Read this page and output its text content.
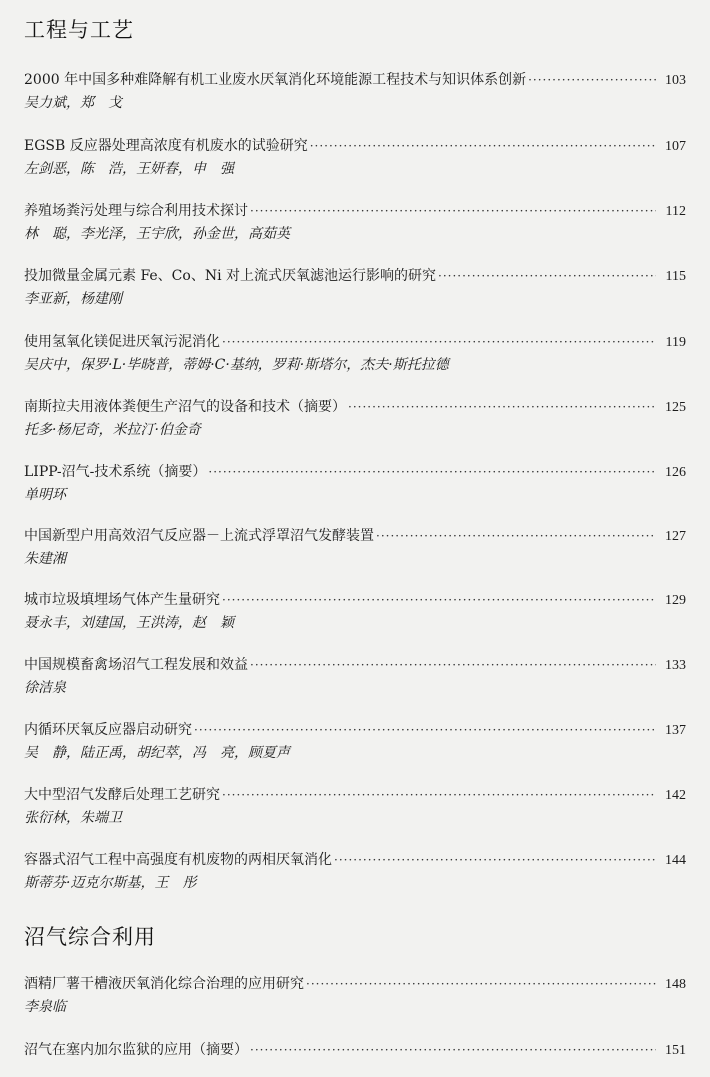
工程与工艺
2000 年中国多种难降解有机工业废水厌氧消化环境能源工程技术与知识体系创新 ·····	103
吴力斌，郑　戈
EGSB 反应器处理高浓度有机废水的试验研究 ·····	107
左剑恶，陈　浩，王妍春，申　强
养殖场粪污处理与综合利用技术探讨 ·····	112
林　聪，李光泽，王宇欣，孙金世，高茹英
投加微量金属元素 Fe、Co、Ni 对上流式厌氧滤池运行影响的研究 ·····	115
李亚新，杨建刚
使用氢氧化镁促进厌氧污泥消化 ·····	119
吴庆中，保罗·L·毕晓普，蒂姆·C·基纳，罗莉·斯塔尔，杰夫·斯托拉德
南斯拉夫用液体粪便生产沼气的设备和技术（摘要） ·····	125
托多·杨尼奇，米拉汀·伯金奇
LIPP-沼气-技术系统（摘要） ·····	126
单明环
中国新型户用高效沼气反应器－上流式浮罩沼气发酵装置 ·····	127
朱建湘
城市垃圾填埋场气体产生量研究 ·····	129
聂永丰，刘建国，王洪涛，赵　颖
中国规模畜禽场沼气工程发展和效益 ·····	133
徐洁泉
内循环厌氧反应器启动研究 ·····	137
吴　静，陆正禹，胡纪萃，冯　亮，顾夏声
大中型沼气发酵后处理工艺研究 ·····	142
张衍林，朱端卫
容器式沼气工程中高强度有机废物的两相厌氧消化 ·····	144
斯蒂芬·迈克尔斯基，王　彤
沼气综合利用
酒精厂薯干槽液厌氧消化综合治理的应用研究 ·····	148
李泉临
沼气在塞内加尔监狱的应用（摘要） ·····	151
